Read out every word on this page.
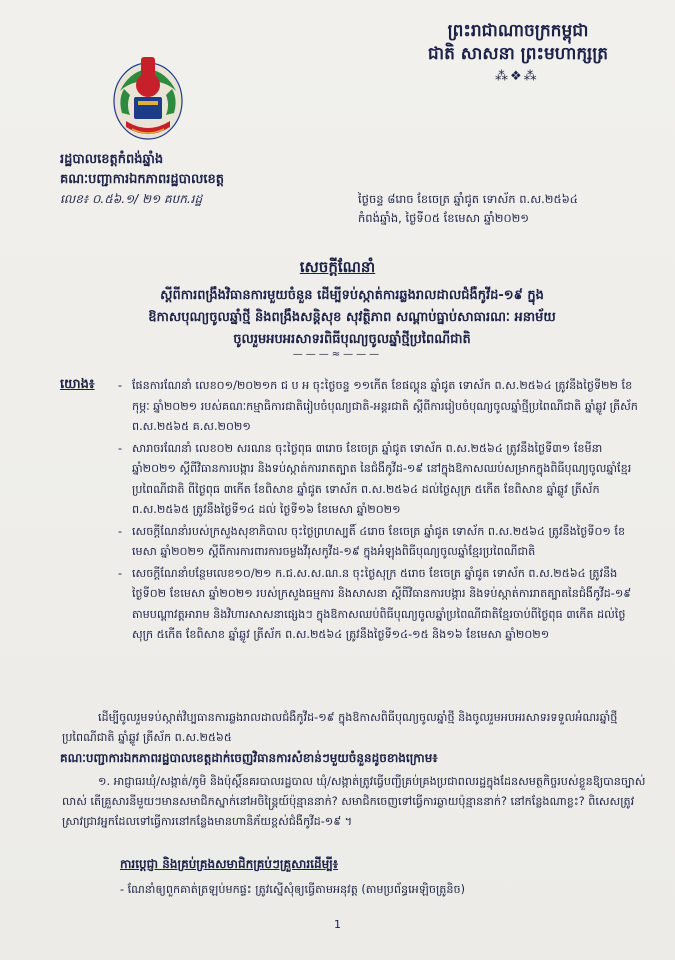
ព្រះរាជាណាចក្រកម្ពុជា
ជាតិ សាសនា ព្រះមហាក្សត្រ
⁂❖⁂
រដ្ឋបាលខេត្តកំពង់ឆ្នាំង
គណៈបញ្ជាការឯកភាពរដ្ឋបាលខេត្ត
លេខ៖ ០.៥៦.១/ ២១ គបក.រដ្ឋ	ថ្ងៃចន្ទ ៨រោច ខែចេត្រ ឆ្នាំជូត ទោស័ក ព.ស.២៥៦៤
កំពង់ឆ្នាំង, ថ្ងៃទី០៥ ខែមេសា ឆ្នាំ២០២១
សេចក្តីណែនាំ
ស្តីពីការពង្រឹងវិធានការមួយចំនួន ដើម្បីទប់ស្កាត់ការឆ្លងរាលដាលជំងឺកូវីដ-១៩ ក្នុង
ឱកាសបុណ្យចូលឆ្នាំថ្មី និងពង្រឹងសន្តិសុខ សុវត្ថិភាព សណ្តាប់ធ្នាប់សាធារណៈ អនាម័យ
ចូលរួមអបអរសាទរពិធីបុណ្យចូលឆ្នាំថ្មីប្រពៃណីជាតិ
———≈———
យោង៖ - ផែនការណែនាំ លេខ០១/២០២១ក ជ ប អ ចុះថ្ងៃចន្ទ ១១កើត ខែផល្គុន ឆ្នាំជូត ទោស័ក ព.ស.២៥៦៤ ត្រូវនឹងថ្ងៃទី២២ ខែកុម្ភៈ ឆ្នាំ២០២១ របស់គណៈកម្មាធិការជាតិរៀបចំបុណ្យជាតិ-អន្តរជាតិ ស្តីពីការរៀបចំបុណ្យចូលឆ្នាំថ្មីប្រពៃណីជាតិ ឆ្នាំឆ្លូវ ត្រីស័ក ព.ស.២៥៦៥ គ.ស.២០២១
- សារាចរណែនាំ លេខ០២ សរណន ចុះថ្ងៃពុធ ៣រោច ខែចេត្រ ឆ្នាំជូត ទោស័ក ព.ស.២៥៦៤ ត្រូវនឹងថ្ងៃទី៣១ ខែមីនា ឆ្នាំ២០២១ ស្តីពីវិធានការបង្ការ និងទប់ស្កាត់ការរាតត្បាត នៃជំងឺកូវីដ-១៩ នៅក្នុងឱកាសឈប់សម្រាកក្នុងពិធីបុណ្យចូលឆ្នាំខ្មែរប្រពៃណីជាតិ ពីថ្ងៃពុធ ៣កើត ខែពិសាខ ឆ្នាំជូត ទោស័ក ព.ស.២៥៦៤ ដល់ថ្ងៃសុក្រ ៥កើត ខែពិសាខ ឆ្នាំឆ្លូវ ត្រីស័ក ព.ស.២៥៦៥ ត្រូវនឹងថ្ងៃទី១៤ ដល់ ថ្ងៃទី១៦ ខែមេសា ឆ្នាំ២០២១
- សេចក្តីណែនាំរបស់ក្រសួងសុខាភិបាល ចុះថ្ងៃព្រហស្បតិ៍ ៤រោច ខែចេត្រ ឆ្នាំជូត ទោស័ក ព.ស.២៥៦៤ ត្រូវនឹងថ្ងៃទី០១ ខែមេសា ឆ្នាំ២០២១ ស្តីពីការការពារការចម្លងវីរុសកូវីដ-១៩ ក្នុងអំឡុងពិធីបុណ្យចូលឆ្នាំខ្មែរប្រពៃណីជាតិ
- សេចក្តីណែនាំបន្ថែមលេខ១០/២១ ក.ជ.ស.ស.ណ.ន ចុះថ្ងៃសុក្រ ៥រោច ខែចេត្រ ឆ្នាំជូត ទោស័ក ព.ស.២៥៦៤ ត្រូវនឹងថ្ងៃទី០២ ខែមេសា ឆ្នាំ២០២១ របស់ក្រសួងធម្មការ និងសាសនា ស្តីពីវិធានការបង្ការ និងទប់ស្កាត់ការរាតត្បាតនៃជំងឺកូវីដ-១៩ តាមបណ្តាវត្តអារាម និងវិហារសាសនាផ្សេងៗ ក្នុងឱកាសឈប់ពិធីបុណ្យចូលឆ្នាំប្រពៃណីជាតិខ្មែរចាប់ពីថ្ងៃពុធ ៣កើត ដល់ថ្ងៃសុក្រ ៥កើត ខែពិសាខ ឆ្នាំឆ្លូវ ត្រីស័ក ព.ស.២៥៦៤ ត្រូវនឹងថ្ងៃទី១៤-១៥ និង១៦ ខែមេសា ឆ្នាំ២០២១
ដើម្បីចូលរួមទប់ស្កាត់វិប្បធានការឆ្លងរាលដាលជំងឺកូវីដ-១៩ ក្នុងឱកាសពិធីបុណ្យចូលឆ្នាំថ្មី និងចូលរួមអបអរសាទរទទួលអំណរឆ្នាំថ្មីប្រពៃណីជាតិ ឆ្នាំឆ្លូវ ត្រីស័ក ព.ស.២៥៦៥
គណៈបញ្ជាការឯកភាពរដ្ឋបាលខេត្តដាក់ចេញវិធានការសំខាន់ៗមួយចំនួនដូចខាងក្រោម៖
១. អាជ្ញាធរឃុំ/សង្កាត់/ភូមិ និងប៉ុស្តិ៍នគរបាលរដ្ឋបាល ឃុំ/សង្កាត់ត្រូវធ្វើបញ្ជីគ្រប់គ្រងប្រជាពលរដ្ឋក្នុងដែនសមត្ថកិច្ចរបស់ខ្លួនឱ្យបានច្បាស់លាស់ តើគ្រួសារនីមួយៗមានសមាជិកស្នាក់នៅអចិន្ត្រៃយ៍ប៉ុន្មាននាក់? សមាជិកចេញទៅធ្វើការឆ្ងាយប៉ុន្មាននាក់? នៅកន្លែងណាខ្លះ? ពិសេសត្រូវស្រាវជ្រាវអ្នកដែលទៅធ្វើការនៅកន្លែងមានហានិភ័យខ្ពស់ជំងឺកូវីដ-១៩ ។
ការប្តេជ្ញា និងគ្រប់គ្រងសមាជិកគ្រប់ៗគ្រួសារដើម្បី៖
- ណែនាំឲ្យពួកគាត់ត្រឡប់មកផ្ទះ ត្រូវស្នើសុំឲ្យធ្វើតាមអនុវត្ត (តាមប្រព័ន្ធអេឡិចត្រូនិច)
1
